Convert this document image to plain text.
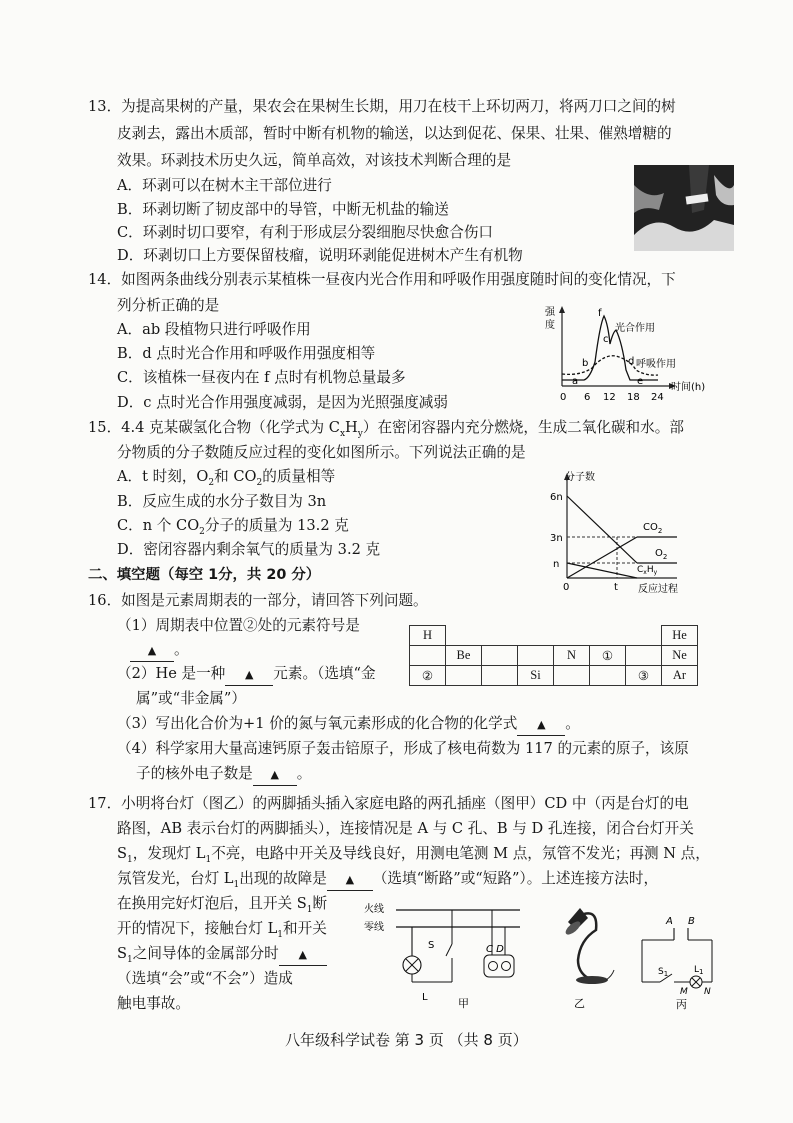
13．为提高果树的产量，果农会在果树生长期，用刀在枝干上环切两刀，将两刀口之间的树
皮剥去，露出木质部，暂时中断有机物的输送，以达到促花、保果、壮果、催熟增糖的
效果。环剥技术历史久远，简单高效，对该技术判断合理的是
A．环剥可以在树木主干部位进行
B．环剥切断了韧皮部中的导管，中断无机盐的输送
C．环剥时切口要窄，有利于形成层分裂细胞尽快愈合伤口
D．环剥切口上方要保留枝瘤，说明环剥能促进树木产生有机物
14．如图两条曲线分别表示某植株一昼夜内光合作用和呼吸作用强度随时间的变化情况，下
列分析正确的是
A．ab 段植物只进行呼吸作用
B．d 点时光合作用和呼吸作用强度相等
C．该植株一昼夜内在 f 点时有机物总量最多
D．c 点时光合作用强度减弱，是因为光照强度减弱
强
度	光合作用
呼吸作用
a
b
c
d
e
f
时间(h)
0 6 12 18 24
15．4.4 克某碳氢化合物（化学式为 $C_xH_y$）在密闭容器内充分燃烧，生成二氧化碳和水。部
分物质的分子数随反应过程的变化如图所示。下列说法正确的是
A．t 时刻，$O_2$和 $CO_2$的质量相等
B．反应生成的水分子数目为 3n
C．n 个 $CO_2$分子的质量为 13.2 克
D．密闭容器内剩余氧气的质量为 3.2 克
分子数
6n
3n
n
$CO_2$
$O_2$
$C_xH_y$
0	t 反应过程
二、填空题（每空 1分，共 20 分）
16．如图是元素周期表的一部分，请回答下列问题。
（1）周期表中位置②处的元素符号是
▲ 。
（2）He 是一种 ▲ 元素。（选填“金
属”或“非金属”）
（3）写出化合价为+1 价的氮与氧元素形成的化合物的化学式 ▲ 。
（4）科学家用大量高速钙原子轰击锫原子，形成了核电荷数为 117 的元素的原子，该原
子的核外电子数是 ▲ 。
H							He
	Be			N	①		Ne
②			Si			③	Ar
17．小明将台灯（图乙）的两脚插头插入家庭电路的两孔插座（图甲）CD 中（丙是台灯的电
路图，AB 表示台灯的两脚插头），连接情况是 A 与 C 孔、B 与 D 孔连接，闭合台灯开关
$S_1$，发现灯 $L_1$不亮，电路中开关及导线良好，用测电笔测 M 点，氖管不发光；再测 N 点，
氖管发光，台灯 $L_1$出现的故障是 ▲ （选填“断路”或“短路”）。上述连接方法时，
在换用完好灯泡后，且开关 $S_1$断
开的情况下，接触台灯 $L_1$和开关
$S_1$之间导体的金属部分时 ▲
（选填“会”或“不会”）造成
触电事故。
火线
零线
S
L
C D
甲	乙
A B
$S_1$	$L_1$
M N
丙
八年级科学试卷 第 3 页 （共 8 页）
